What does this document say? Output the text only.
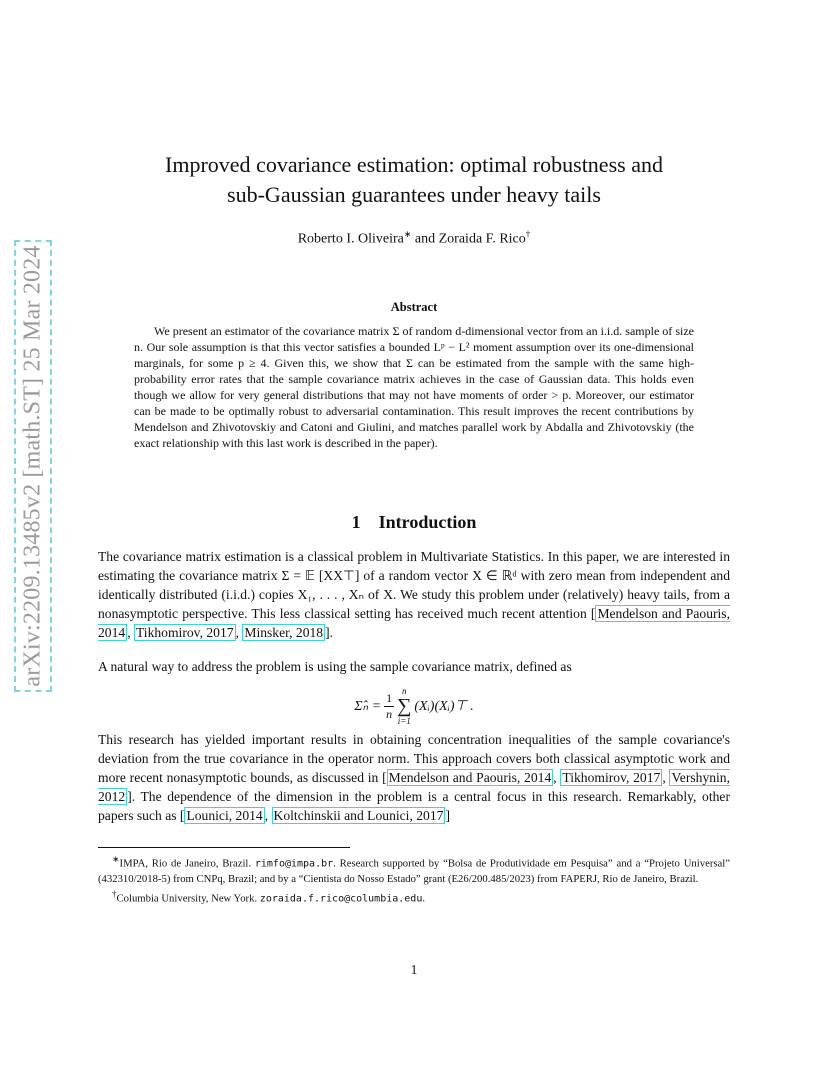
arXiv:2209.13485v2 [math.ST] 25 Mar 2024
Improved covariance estimation: optimal robustness and
sub-Gaussian guarantees under heavy tails
Roberto I. Oliveira∗ and Zoraida F. Rico†
Abstract

We present an estimator of the covariance matrix Σ of random d-dimensional vector from an i.i.d. sample of size n. Our sole assumption is that this vector satisfies a bounded Lᵖ − L² moment assumption over its one-dimensional marginals, for some p ≥ 4. Given this, we show that Σ can be estimated from the sample with the same high-probability error rates that the sample covariance matrix achieves in the case of Gaussian data. This holds even though we allow for very general distributions that may not have moments of order > p. Moreover, our estimator can be made to be optimally robust to adversarial contamination. This result improves the recent contributions by Mendelson and Zhivotovskiy and Catoni and Giulini, and matches parallel work by Abdalla and Zhivotovskiy (the exact relationship with this last work is described in the paper).

1 Introduction

The covariance matrix estimation is a classical problem in Multivariate Statistics. In this paper, we are interested in estimating the covariance matrix Σ = 𝔼 [XX⊤] of a random vector X ∈ ℝᵈ with zero mean from independent and identically distributed (i.i.d.) copies X₁, . . . , Xₙ of X. We study this problem under (relatively) heavy tails, from a nonasymptotic perspective. This less classical setting has received much recent attention [ Mendelson and Paouris, 2014 , Tikhomirov, 2017 , Minsker, 2018 ].

A natural way to address the problem is using the sample covariance matrix, defined as

Σ̂ₙ = $\frac{1}{n}$
n
∑
i=1
(Xᵢ)(Xᵢ)⊤ .

This research has yielded important results in obtaining concentration inequalities of the sample covariance's deviation from the true covariance in the operator norm. This approach covers both classical asymptotic work and more recent nonasymptotic bounds, as discussed in [ Mendelson and Paouris, 2014 , Tikhomirov, 2017 , Vershynin, 2012 ]. The dependence of the dimension in the problem is a central focus in this research. Remarkably, other papers such as [ Lounici, 2014 , Koltchinskii and Lounici, 2017 ]

∗IMPA, Rio de Janeiro, Brazil. rimfo@impa.br. Research supported by “Bolsa de Produtividade em Pesquisa” and a “Projeto Universal” (432310/2018-5) from CNPq, Brazil; and by a “Cientista do Nosso Estado” grant (E26/200.485/2023) from FAPERJ, Rio de Janeiro, Brazil.

†Columbia University, New York. zoraida.f.rico@columbia.edu.

1
